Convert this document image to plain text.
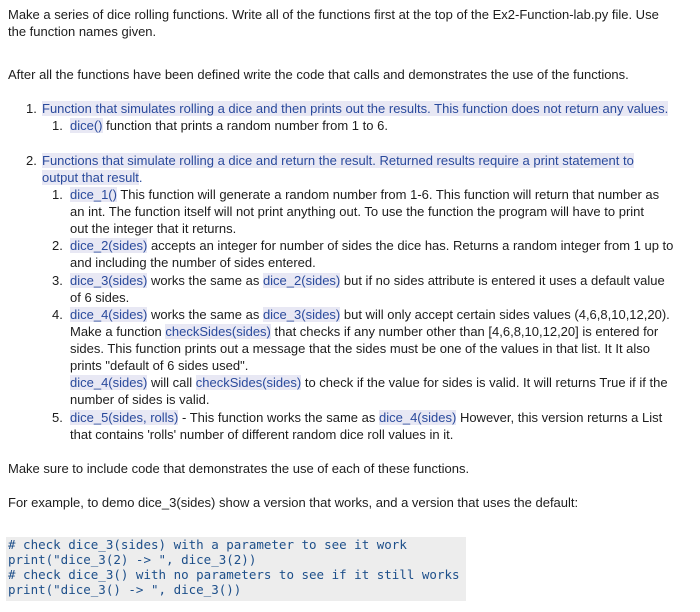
Make a series of dice rolling functions. Write all of the functions first at the top of the Ex2-Function-lab.py file. Use
the function names given.
After all the functions have been defined write the code that calls and demonstrates the use of the functions.
1. Function that simulates rolling a dice and then prints out the results. This function does not return any values.
1. dice() function that prints a random number from 1 to 6.
2. Functions that simulate rolling a dice and return the result. Returned results require a print statement to
output that result.
1. dice_1() This function will generate a random number from 1-6. This function will return that number as
an int. The function itself will not print anything out. To use the function the program will have to print
out the integer that it returns.
2. dice_2(sides) accepts an integer for number of sides the dice has. Returns a random integer from 1 up to
and including the number of sides entered.
3. dice_3(sides) works the same as dice_2(sides) but if no sides attribute is entered it uses a default value
of 6 sides.
4. dice_4(sides) works the same as dice_3(sides) but will only accept certain sides values (4,6,8,10,12,20).
Make a function checkSides(sides) that checks if any number other than [4,6,8,10,12,20] is entered for
sides. This function prints out a message that the sides must be one of the values in that list. It It also
prints "default of 6 sides used".
dice_4(sides) will call checkSides(sides) to check if the value for sides is valid. It will returns True if if the
number of sides is valid.
5. dice_5(sides, rolls) - This function works the same as dice_4(sides) However, this version returns a List
that contains 'rolls' number of different random dice roll values in it.
Make sure to include code that demonstrates the use of each of these functions.
For example, to demo dice_3(sides) show a version that works, and a version that uses the default:
# check dice_3(sides) with a parameter to see it work
print("dice_3(2) -> ", dice_3(2))
# check dice_3() with no parameters to see if it still works
print("dice_3() -> ", dice_3())
